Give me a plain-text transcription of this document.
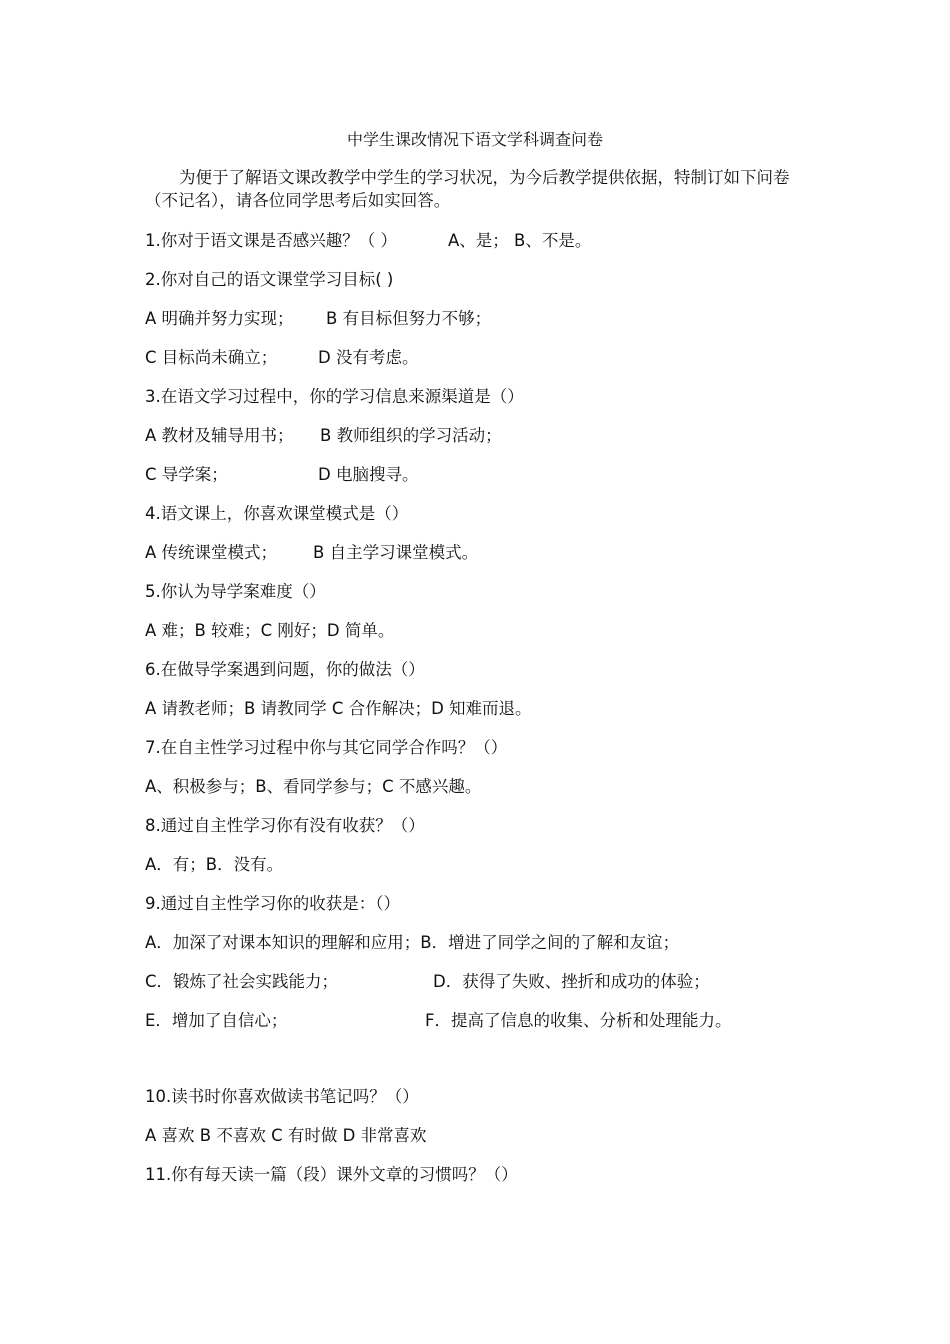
中学生课改情况下语文学科调查问卷
为便于了解语文课改教学中学生的学习状况，为今后教学提供依据，特制订如下问卷（不记名），请各位同学思考后如实回答。
1.你对于语文课是否感兴趣？（ ）	A、是； B、不是。
2.你对自己的语文课堂学习目标( )
A 明确并努力实现； B 有目标但努力不够；
C 目标尚未确立； D 没有考虑。
3.在语文学习过程中，你的学习信息来源渠道是（）
A 教材及辅导用书； B 教师组织的学习活动；
C 导学案；	D 电脑搜寻。
4.语文课上，你喜欢课堂模式是（）
A 传统课堂模式； B 自主学习课堂模式。
5.你认为导学案难度（）
A 难；B 较难；C 刚好；D 简单。
6.在做导学案遇到问题，你的做法（）
A 请教老师；B 请教同学 C 合作解决；D 知难而退。
7.在自主性学习过程中你与其它同学合作吗？（）
A、积极参与；B、看同学参与；C 不感兴趣。
8.通过自主性学习你有没有收获？（）
A．有；B．没有。
9.通过自主性学习你的收获是：（）
A．加深了对课本知识的理解和应用；B．增进了同学之间的了解和友谊；
C．锻炼了社会实践能力；	D．获得了失败、挫折和成功的体验；
E．增加了自信心；	F．提高了信息的收集、分析和处理能力。
10.读书时你喜欢做读书笔记吗？（）
A 喜欢 B 不喜欢 C 有时做 D 非常喜欢
11.你有每天读一篇（段）课外文章的习惯吗？（）
